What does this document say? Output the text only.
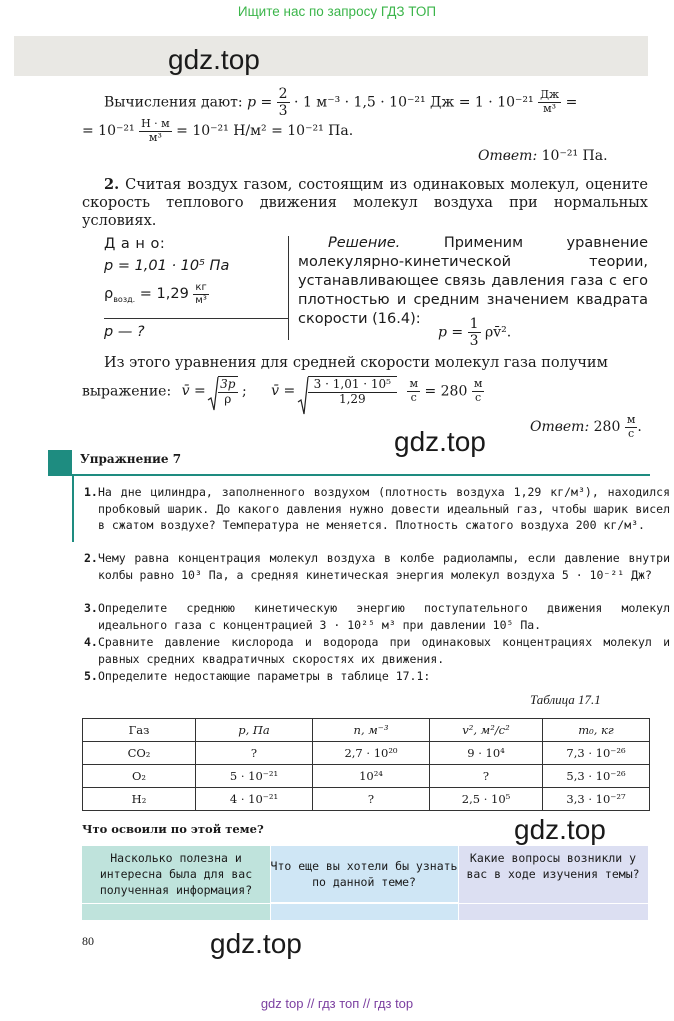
Ищите нас по запросу ГДЗ ТОП
gdz.top
Вычисления дают: $p = \frac{2}{3} \cdot 1$ м⁻³ · 1,5 · 10⁻²¹ Дж = $1 \cdot 10^{-21} \frac{Дж}{\text{м³}}$ =
= $10^{-21} \frac{Н \cdot м}{\text{м³}} = 10^{-21}$ Н/м² = 10⁻²¹ Па.
Ответ: 10⁻²¹ Па.
2. Считая воздух газом, состоящим из одинаковых молекул, оцените скорость теплового движения молекул воздуха при нормальных условиях.
Д а н о:
p = 1,01 · 10⁵ Па
$\rho_{возд.} = 1,29 \frac{кг}{\text{м³}}$
p — ?
Решение.	Применим уравнение молекулярно-кинетической теории, устанавливающее связь давления газа с его плотностью и средним значением квадрата скорости (16.4):
$p = \frac{1}{3}$ ρv̄².
Из этого уравнения для средней скорости молекул газа получим
выражение: v̄ = $\frac{3p}{\rho}$ ; v̄ = $\frac{\text{3 · 1,01 · 10⁵}}{1,29}$
$\frac{м}{с} = 280 \frac{м}{с}$
Ответ: $280 \frac{м}{с}$ .
gdz.top
Упражнение 7
1. На дне цилиндра, заполненного воздухом (плотность воздуха 1,29 кг/м³), находился пробковый шарик. До какого давления нужно довести идеальный газ, чтобы шарик висел в сжатом воздухе? Температура не меняется. Плотность сжатого воздуха 200 кг/м³.
2. Чему равна концентрация молекул воздуха в колбе радиолампы, если давление внутри колбы равно 10³ Па, а средняя кинетическая энергия молекул воздуха 5 · 10⁻²¹ Дж?
3. Определите среднюю кинетическую энергию поступательного движения молекул идеального газа с концентрацией 3 · 10²⁵ м³ при давлении 10⁵ Па.
4. Сравните давление кислорода и водорода при одинаковых концентрациях молекул и равных средних квадратичных скоростях их движения.
5. Определите недостающие параметры в таблице 17.1:
Таблица 17.1
Газ	p, Па	n, м⁻³	v², м²/с²	m₀, кг
CO₂	?	2,7 · 10²⁰	9 · 10⁴	7,3 · 10⁻²⁶
O₂	5 · 10⁻²¹	10²⁴	?	5,3 · 10⁻²⁶
H₂	4 · 10⁻²¹	?	2,5 · 10⁵	3,3 · 10⁻²⁷
Что освоили по этой теме?	gdz.top
Насколько полезна и интересна была для вас полученная информация?
Что еще вы хотели бы узнать по данной теме?
Какие вопросы возникли у вас в ходе изучения темы?
80	gdz.top
gdz top // гдз топ // гдз top
